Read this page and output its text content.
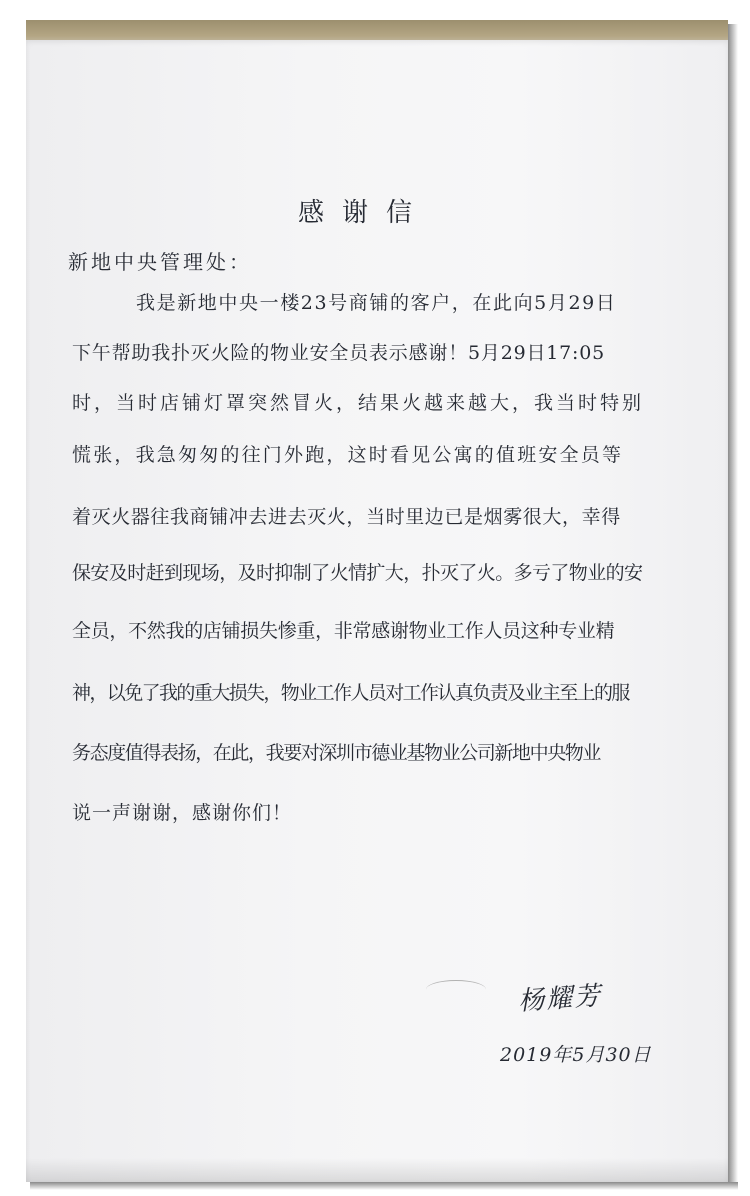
感谢信
新地中央管理处：
我是新地中央一楼23号商铺的客户，在此向5月29日
下午帮助我扑灭火险的物业安全员表示感谢！5月29日17:05
时，当时店铺灯罩突然冒火，结果火越来越大，我当时特别
慌张，我急匆匆的往门外跑，这时看见公寓的值班安全员等
着灭火器往我商铺冲去进去灭火，当时里边已是烟雾很大，幸得
保安及时赶到现场，及时抑制了火情扩大，扑灭了火。多亏了物业的安
全员，不然我的店铺损失惨重，非常感谢物业工作人员这种专业精
神，以免了我的重大损失，物业工作人员对工作认真负责及业主至上的服
务态度值得表扬，在此，我要对深圳市德业基物业公司新地中央物业
说一声谢谢，感谢你们！
杨耀芳
2019年5月30日
